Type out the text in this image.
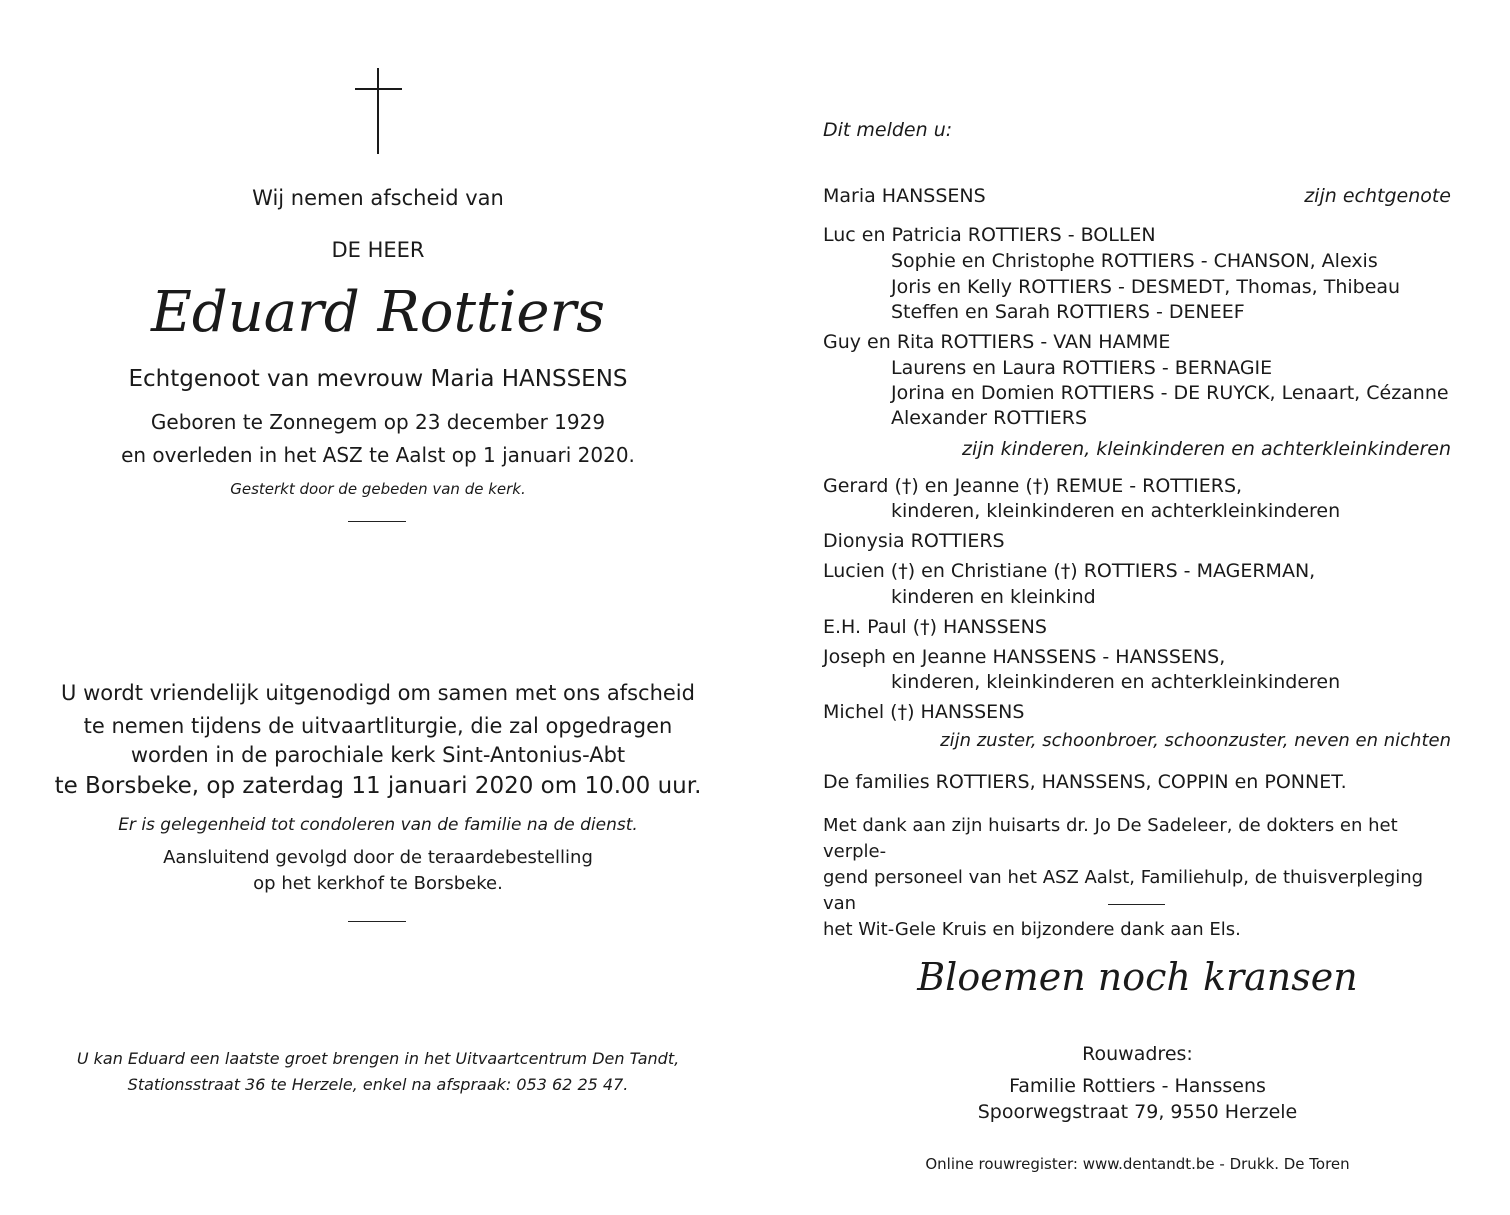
Wij nemen afscheid van
DE HEER
Eduard Rottiers
Echtgenoot van mevrouw Maria HANSSENS
Geboren te Zonnegem op 23 december 1929
en overleden in het ASZ te Aalst op 1 januari 2020.
Gesterkt door de gebeden van de kerk.
U wordt vriendelijk uitgenodigd om samen met ons afscheid
te nemen tijdens de uitvaartliturgie, die zal opgedragen
worden in de parochiale kerk Sint-Antonius-Abt
te Borsbeke, op zaterdag 11 januari 2020 om 10.00 uur.
Er is gelegenheid tot condoleren van de familie na de dienst.
Aansluitend gevolgd door de teraardebestelling
op het kerkhof te Borsbeke.
U kan Eduard een laatste groet brengen in het Uitvaartcentrum Den Tandt,
Stationsstraat 36 te Herzele, enkel na afspraak: 053 62 25 47.
Dit melden u:
Maria HANSSENS	zijn echtgenote
Luc en Patricia ROTTIERS - BOLLEN
Sophie en Christophe ROTTIERS - CHANSON, Alexis
Joris en Kelly ROTTIERS - DESMEDT, Thomas, Thibeau
Steffen en Sarah ROTTIERS - DENEEF
Guy en Rita ROTTIERS - VAN HAMME
Laurens en Laura ROTTIERS - BERNAGIE
Jorina en Domien ROTTIERS - DE RUYCK, Lenaart, Cézanne
Alexander ROTTIERS
zijn kinderen, kleinkinderen en achterkleinkinderen
Gerard (†) en Jeanne (†) REMUE - ROTTIERS,
kinderen, kleinkinderen en achterkleinkinderen
Dionysia ROTTIERS
Lucien (†) en Christiane (†) ROTTIERS - MAGERMAN,
kinderen en kleinkind
E.H. Paul (†) HANSSENS
Joseph en Jeanne HANSSENS - HANSSENS,
kinderen, kleinkinderen en achterkleinkinderen
Michel (†) HANSSENS
zijn zuster, schoonbroer, schoonzuster, neven en nichten
De families ROTTIERS, HANSSENS, COPPIN en PONNET.
Met dank aan zijn huisarts dr. Jo De Sadeleer, de dokters en het verple-
gend personeel van het ASZ Aalst, Familiehulp, de thuisverpleging van
het Wit-Gele Kruis en bijzondere dank aan Els.
Bloemen noch kransen
Rouwadres:
Familie Rottiers - Hanssens
Spoorwegstraat 79, 9550 Herzele
Online rouwregister: www.dentandt.be - Drukk. De Toren
